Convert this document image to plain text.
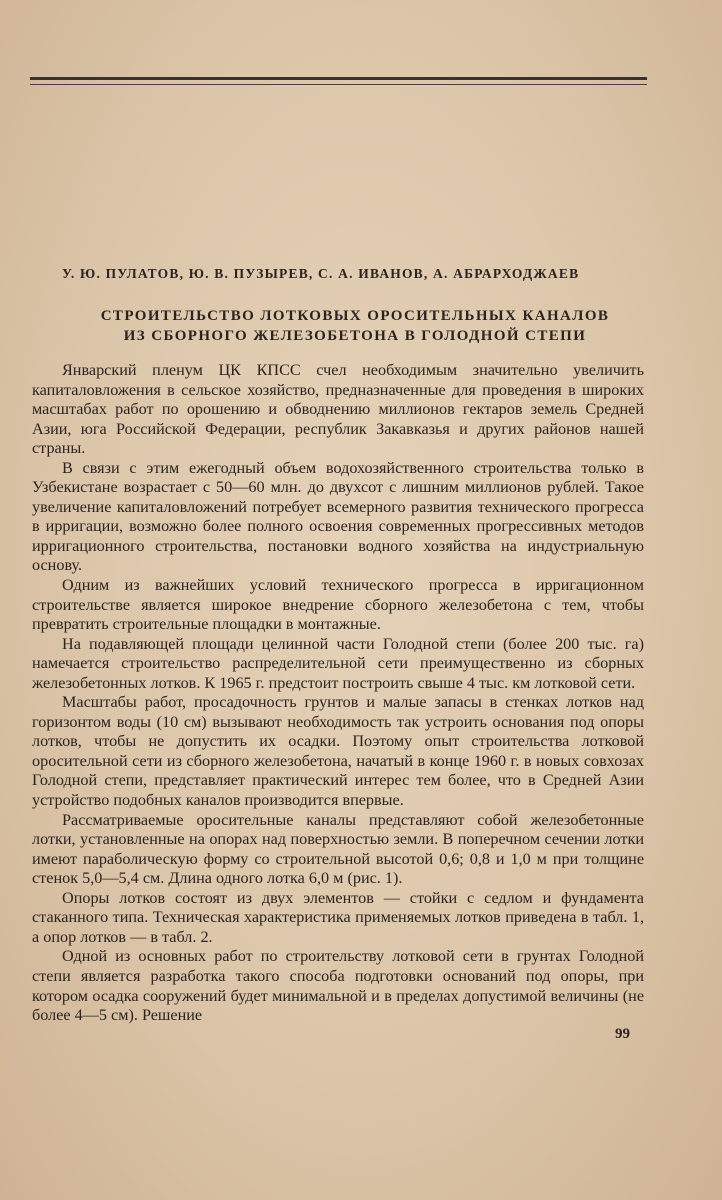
У. Ю. ПУЛАТОВ, Ю. В. ПУЗЫРЕВ, С. А. ИВАНОВ, А. АБРАРХОДЖАЕВ
СТРОИТЕЛЬСТВО ЛОТКОВЫХ ОРОСИТЕЛЬНЫХ КАНАЛОВ
ИЗ СБОРНОГО ЖЕЛЕЗОБЕТОНА В ГОЛОДНОЙ СТЕПИ

Январский пленум ЦК КПСС счел необходимым значительно увеличить капиталовложения в сельское хозяйство, предназначенные для проведения в широких масштабах работ по орошению и обводнению миллионов гектаров земель Средней Азии, юга Российской Федерации, республик Закавказья и других районов нашей страны.

В связи с этим ежегодный объем водохозяйственного строительства только в Узбекистане возрастает с 50—60 млн. до двухсот с лишним миллионов рублей. Такое увеличение капиталовложений потребует всемерного развития технического прогресса в ирригации, возможно более полного освоения современных прогрессивных методов ирригационного строительства, постановки водного хозяйства на индустриальную основу.

Одним из важнейших условий технического прогресса в ирригационном строительстве является широкое внедрение сборного железобетона с тем, чтобы превратить строительные площадки в монтажные.

На подавляющей площади целинной части Голодной степи (более 200 тыс. га) намечается строительство распределительной сети преимущественно из сборных железобетонных лотков. К 1965 г. предстоит построить свыше 4 тыс. км лотковой сети.

Масштабы работ, просадочность грунтов и малые запасы в стенках лотков над горизонтом воды (10 см) вызывают необходимость так устроить основания под опоры лотков, чтобы не допустить их осадки. Поэтому опыт строительства лотковой оросительной сети из сборного железобетона, начатый в конце 1960 г. в новых совхозах Голодной степи, представляет практический интерес тем более, что в Средней Азии устройство подобных каналов производится впервые.

Рассматриваемые оросительные каналы представляют собой железобетонные лотки, установленные на опорах над поверхностью земли. В поперечном сечении лотки имеют параболическую форму со строительной высотой 0,6; 0,8 и 1,0 м при толщине стенок 5,0—5,4 см. Длина одного лотка 6,0 м (рис. 1).

Опоры лотков состоят из двух элементов — стойки с седлом и фундамента стаканного типа. Техническая характеристика применяемых лотков приведена в табл. 1, а опор лотков — в табл. 2.

Одной из основных работ по строительству лотковой сети в грунтах Голодной степи является разработка такого способа подготовки оснований под опоры, при котором осадка сооружений будет минимальной и в пределах допустимой величины (не более 4—5 см). Решение

99
